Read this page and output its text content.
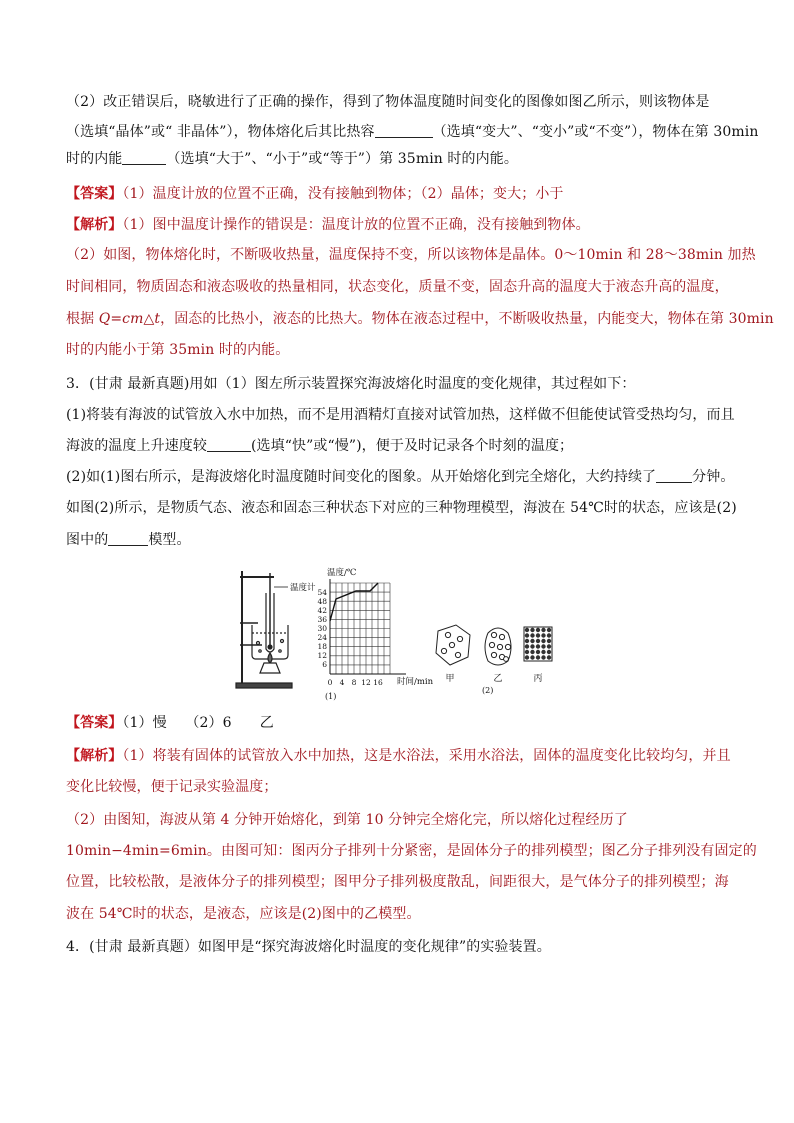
（2）改正错误后，晓敏进行了正确的操作，得到了物体温度随时间变化的图像如图乙所示，则该物体是
（选填“晶体”或“ 非晶体”），物体熔化后其比热容	（选填“变大”、“变小”或“不变”），物体在第 30min
时的内能	（选填“大于”、“小于”或“等于”）第 35min 时的内能。
【答案】（1）温度计放的位置不正确，没有接触到物体；（2）晶体；变大；小于
【解析】（1）图中温度计操作的错误是：温度计放的位置不正确，没有接触到物体。
（2）如图，物体熔化时，不断吸收热量，温度保持不变，所以该物体是晶体。0～10min 和 28～38min 加热
时间相同，物质固态和液态吸收的热量相同，状态变化，质量不变，固态升高的温度大于液态升高的温度，
根据 Q=cm△t，固态的比热小，液态的比热大。物体在液态过程中，不断吸收热量，内能变大，物体在第 30min
时的内能小于第 35min 时的内能。
3．(甘肃 最新真题)用如（1）图左所示装置探究海波熔化时温度的变化规律，其过程如下：
(1)将装有海波的试管放入水中加热，而不是用酒精灯直接对试管加热，这样做不但能使试管受热均匀，而且
海波的温度上升速度较	(选填“快”或“慢”)，便于及时记录各个时刻的温度；
(2)如(1)图右所示，是海波熔化时温度随时间变化的图象。从开始熔化到完全熔化，大约持续了	分钟。
如图(2)所示，是物质气态、液态和固态三种状态下对应的三种物理模型，海波在 54℃时的状态，应该是(2)
图中的	模型。
温度计
温度/℃
54
48
42
36
30
24
18
12
6
0 4 8 12 16 时间/min
(1)
甲	乙	丙
(2)
【答案】（1）慢　 （2）6　　乙
【解析】（1）将装有固体的试管放入水中加热，这是水浴法，采用水浴法，固体的温度变化比较均匀，并且
变化比较慢，便于记录实验温度；
（2）由图知，海波从第 4 分钟开始熔化，到第 10 分钟完全熔化完，所以熔化过程经历了
10min−4min=6min。由图可知：图丙分子排列十分紧密，是固体分子的排列模型；图乙分子排列没有固定的
位置，比较松散，是液体分子的排列模型；图甲分子排列极度散乱，间距很大，是气体分子的排列模型；海
波在 54℃时的状态，是液态，应该是(2)图中的乙模型。
4．(甘肃 最新真题）如图甲是“探究海波熔化时温度的变化规律”的实验装置。
